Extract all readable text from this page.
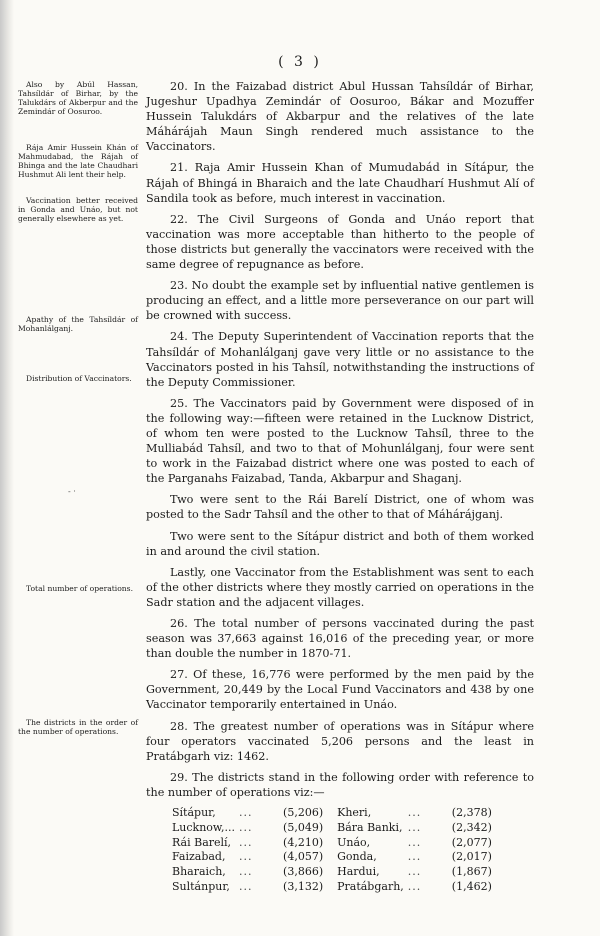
( 3 )

Also by Abúl Hassan, Tahsíldár of Birhar, by the Talukdárs of Akberpur and the Zemindár of Oosuroo.

Rája Amir Hussein Khán of Mahmudabad, the Rájah of Bhinga and the late Chaudhari Hushmut Ali lent their help.

Vaccination better received in Gonda and Unáo, but not generally elsewhere as yet.

Apathy of the Tahsíldár of Mohanlálganj.

Distribution of Vaccinators.

Total number of operations.

The districts in the order of the number of operations.

- ·

20. In the Faizabad district Abul Hussan Tahsíldár of Birhar, Jugeshur Upadhya Zemindár of Oosuroo, Bákar and Mozuffer Hussein Talukdárs of Akbarpur and the relatives of the late Máhárájah Maun Singh rendered much assistance to the Vaccinators.

21. Raja Amir Hussein Khan of Mumudabád in Sítápur, the Rájah of Bhingá in Bharaich and the late Chaudharí Hushmut Alí of Sandila took as before, much interest in vaccination.

22. The Civil Surgeons of Gonda and Unáo report that vaccination was more acceptable than hitherto to the people of those districts but generally the vaccinators were received with the same degree of repugnance as before.

23. No doubt the example set by influential native gentlemen is producing an effect, and a little more perseverance on our part will be crowned with success.

24. The Deputy Superintendent of Vaccination reports that the Tahsíldár of Mohanlálganj gave very little or no assistance to the Vaccinators posted in his Tahsíl, notwithstanding the instructions of the Deputy Commissioner.

25. The Vaccinators paid by Government were disposed of in the following way:—fifteen were retained in the Lucknow District, of whom ten were posted to the Lucknow Tahsíl, three to the Mulliabád Tahsíl, and two to that of Mohunlálganj, four were sent to work in the Faizabad district where one was posted to each of the Parganahs Faizabad, Tanda, Akbarpur and Shaganj.

Two were sent to the Rái Barelí District, one of whom was posted to the Sadr Tahsíl and the other to that of Máhárájganj.

Two were sent to the Sítápur district and both of them worked in and around the civil station.

Lastly, one Vaccinator from the Establishment was sent to each of the other districts where they mostly carried on operations in the Sadr station and the adjacent villages.

26. The total number of persons vaccinated during the past season was 37,663 against 16,016 of the preceding year, or more than double the number in 1870-71.

27. Of these, 16,776 were performed by the men paid by the Government, 20,449 by the Local Fund Vaccinators and 438 by one Vaccinator temporarily entertained in Unáo.

28. The greatest number of operations was in Sítápur where four operators vaccinated 5,206 persons and the least in Pratábgarh viz: 1462.

29. The districts stand in the following order with reference to the number of operations viz:—

Sítápur,	...	(5,206)	Kheri,	...	(2,378)
Lucknow,...	...	(5,049)	Bára Banki,	...	(2,342)
Rái Barelí,	...	(4,210)	Unáo,	...	(2,077)
Faizabad,	...	(4,057)	Gonda,	...	(2,017)
Bharaich,	...	(3,866)	Hardui,	...	(1,867)
Sultánpur,	...	(3,132)	Pratábgarh,	...	(1,462)
